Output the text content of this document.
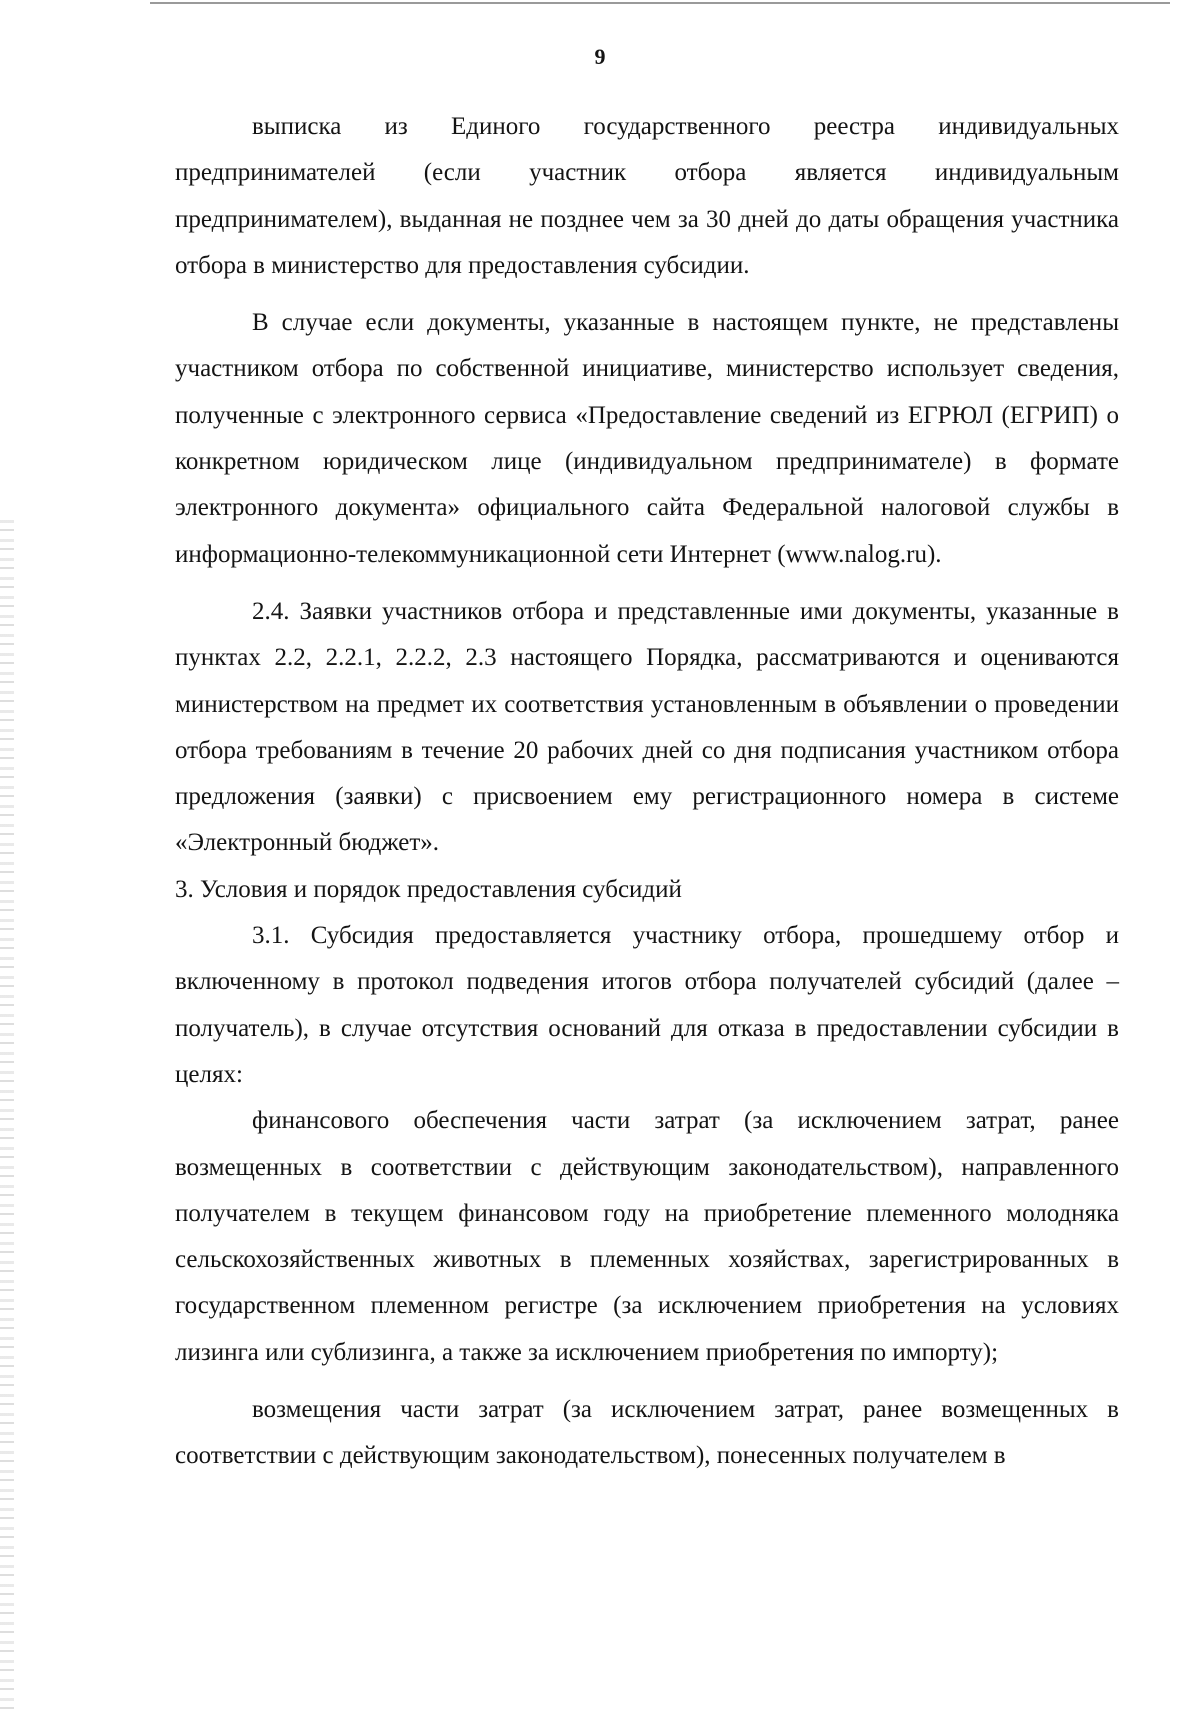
9

выписка из Единого государственного реестра индивидуальных предпринимателей (если участник отбора является индивидуальным предпринимателем), выданная не позднее чем за 30 дней до даты обращения участника отбора в министерство для предоставления субсидии.

В случае если документы, указанные в настоящем пункте, не представлены участником отбора по собственной инициативе, министерство использует сведения, полученные с электронного сервиса «Предоставление сведений из ЕГРЮЛ (ЕГРИП) о конкретном юридическом лице (индивидуальном предпринимателе) в формате электронного документа» официального сайта Федеральной налоговой службы в информационно-телекоммуникационной сети Интернет (www.nalog.ru).

2.4. Заявки участников отбора и представленные ими документы, указанные в пунктах 2.2, 2.2.1, 2.2.2, 2.3 настоящего Порядка, рассматриваются и оцениваются министерством на предмет их соответствия установленным в объявлении о проведении отбора требованиям в течение 20 рабочих дней со дня подписания участником отбора предложения (заявки) с присвоением ему регистрационного номера в системе «Электронный бюджет».

3. Условия и порядок предоставления субсидий

3.1. Субсидия предоставляется участнику отбора, прошедшему отбор и включенному в протокол подведения итогов отбора получателей субсидий (далее – получатель), в случае отсутствия оснований для отказа в предоставлении субсидии в целях:

финансового обеспечения части затрат (за исключением затрат, ранее возмещенных в соответствии с действующим законодательством), направленного получателем в текущем финансовом году на приобретение племенного молодняка сельскохозяйственных животных в племенных хозяйствах, зарегистрированных в государственном племенном регистре (за исключением приобретения на условиях лизинга или сублизинга, а также за исключением приобретения по импорту);

возмещения части затрат (за исключением затрат, ранее возмещенных в соответствии с действующим законодательством), понесенных получателем в
